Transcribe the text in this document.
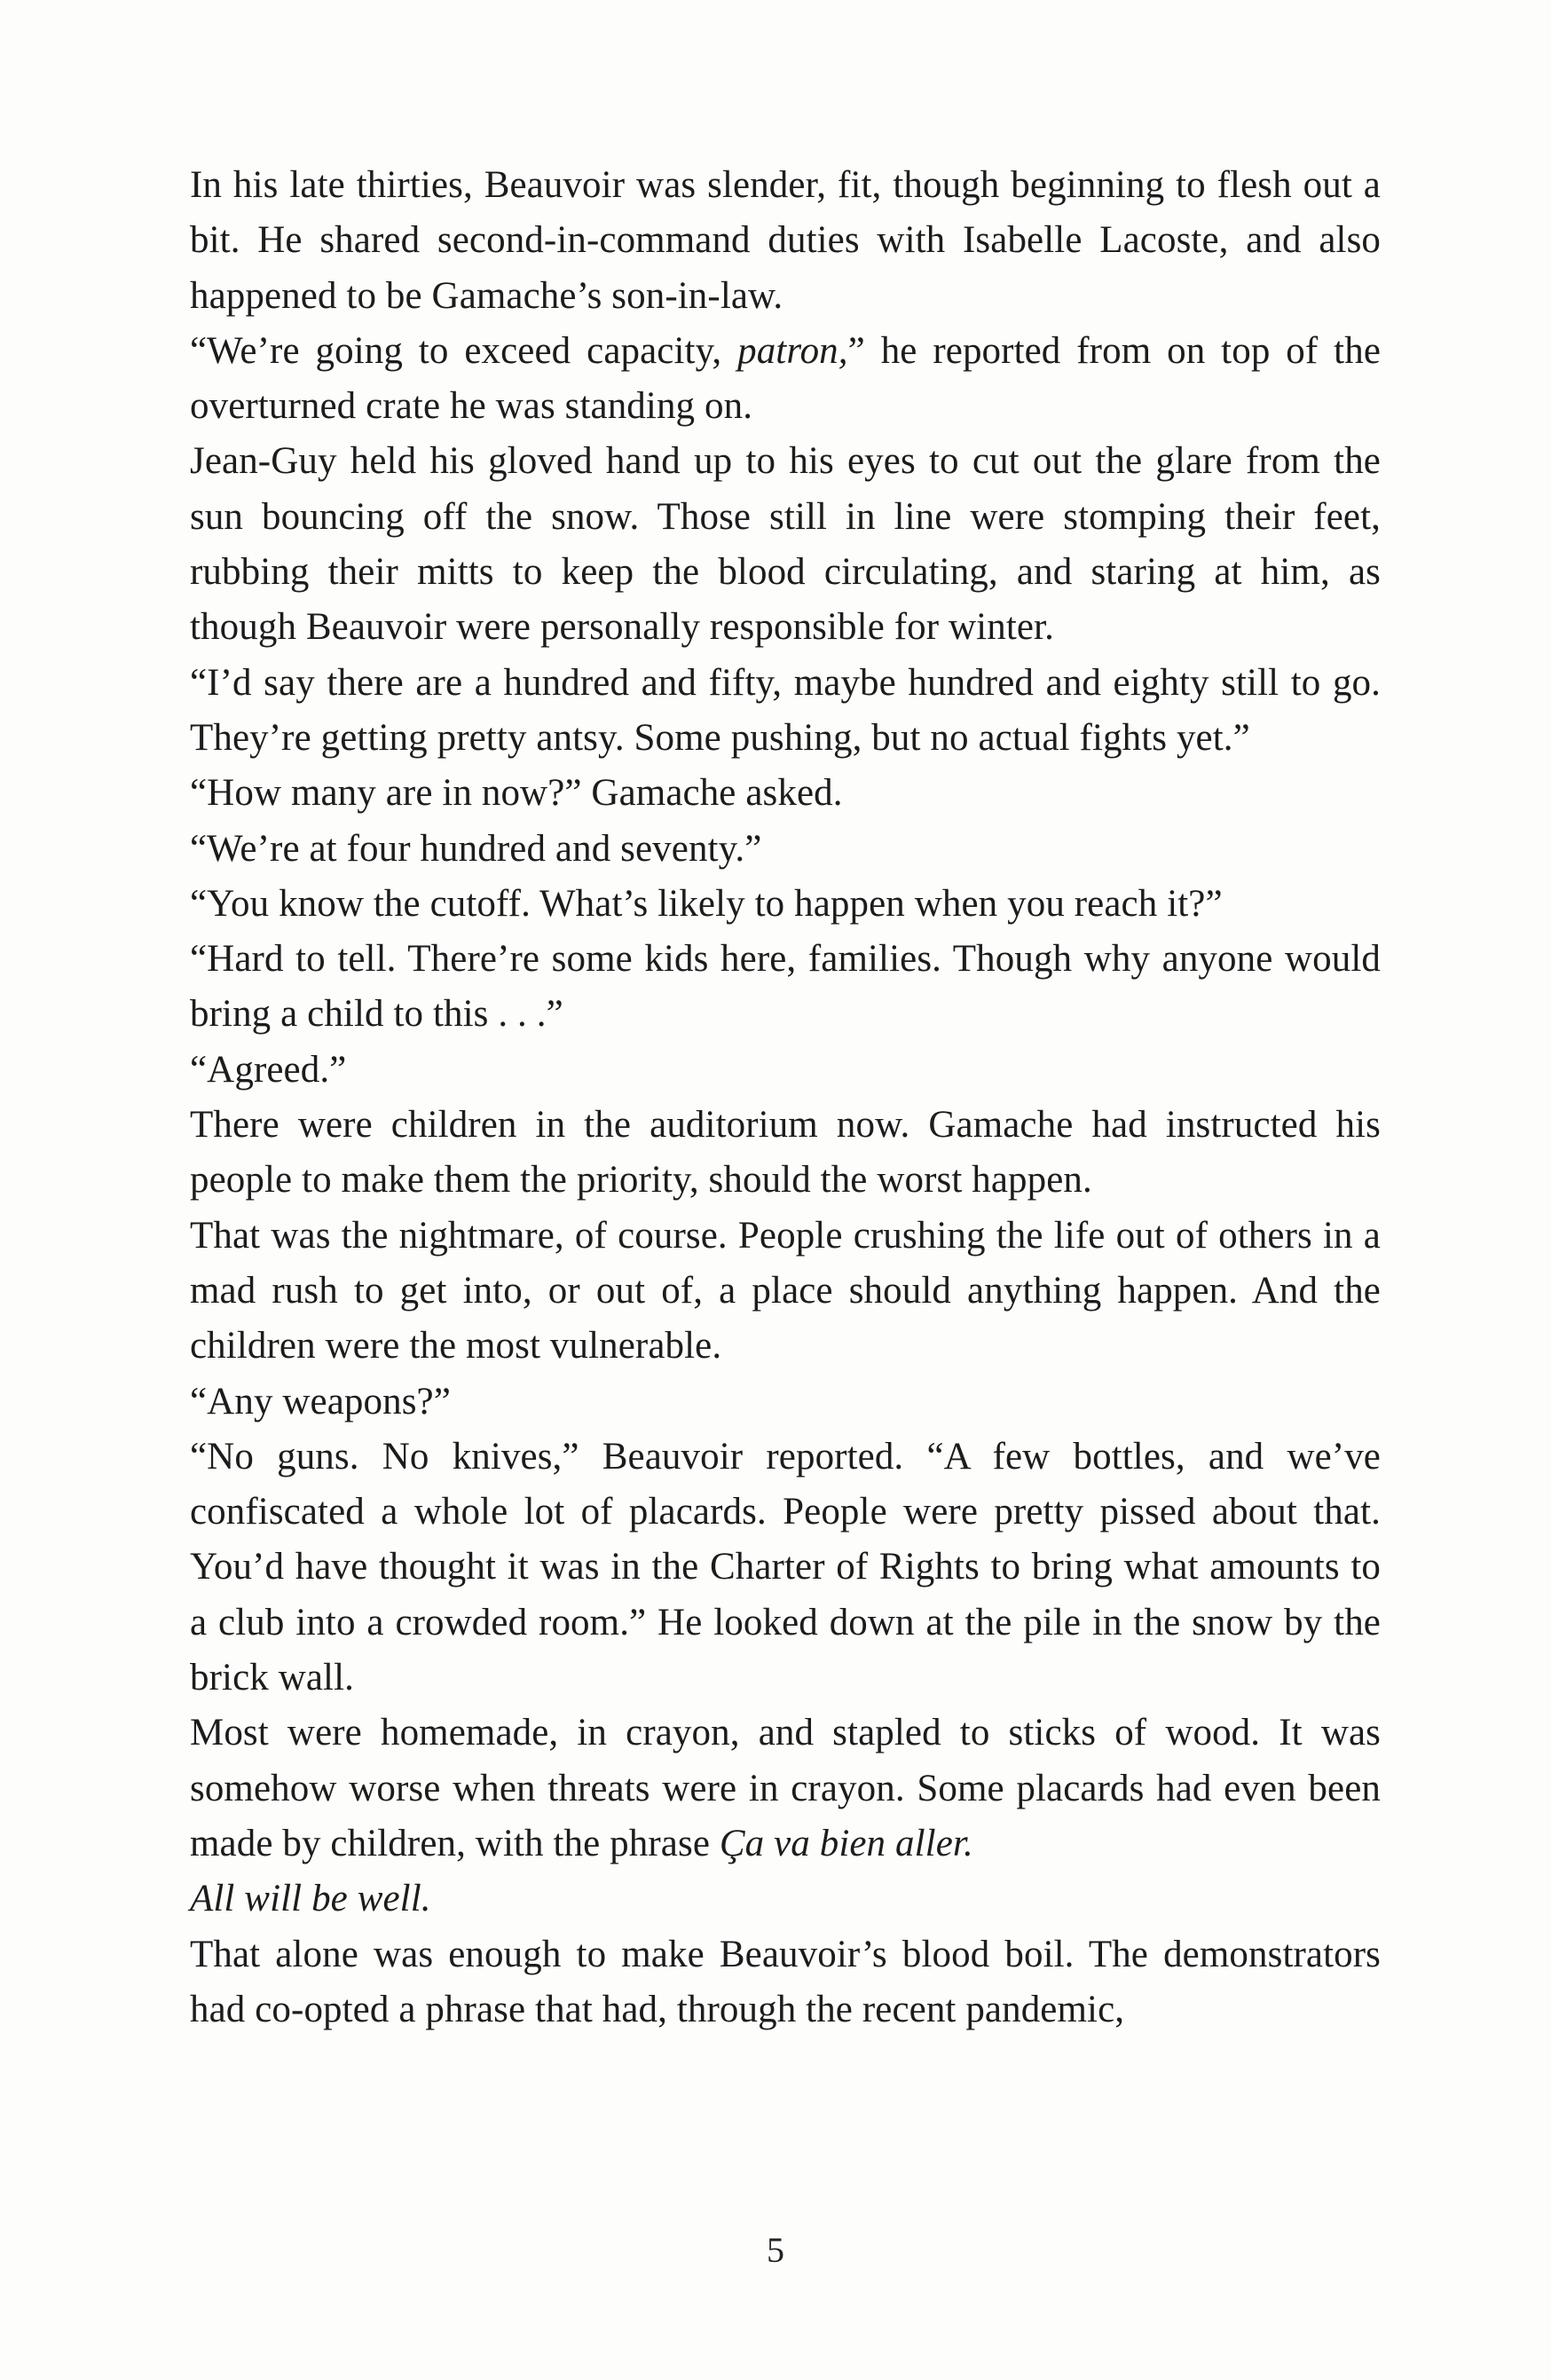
In his late thirties, Beauvoir was slender, fit, though beginning to flesh out a bit. He shared second-in-command duties with Isabelle Lacoste, and also happened to be Gamache’s son-in-law.

“We’re going to exceed capacity, patron,” he reported from on top of the overturned crate he was standing on.

Jean-Guy held his gloved hand up to his eyes to cut out the glare from the sun bouncing off the snow. Those still in line were stomping their feet, rubbing their mitts to keep the blood circulating, and staring at him, as though Beauvoir were personally responsible for winter.

“I’d say there are a hundred and fifty, maybe hundred and eighty still to go. They’re getting pretty antsy. Some pushing, but no actual fights yet.”

“How many are in now?” Gamache asked.

“We’re at four hundred and seventy.”

“You know the cutoff. What’s likely to happen when you reach it?”

“Hard to tell. There’re some kids here, families. Though why anyone would bring a child to this . . .”

“Agreed.”

There were children in the auditorium now. Gamache had instructed his people to make them the priority, should the worst happen.

That was the nightmare, of course. People crushing the life out of others in a mad rush to get into, or out of, a place should anything happen. And the children were the most vulnerable.

“Any weapons?”

“No guns. No knives,” Beauvoir reported. “A few bottles, and we’ve confiscated a whole lot of placards. People were pretty pissed about that. You’d have thought it was in the Charter of Rights to bring what amounts to a club into a crowded room.” He looked down at the pile in the snow by the brick wall.

Most were homemade, in crayon, and stapled to sticks of wood. It was somehow worse when threats were in crayon. Some placards had even been made by children, with the phrase Ça va bien aller.

All will be well.

That alone was enough to make Beauvoir’s blood boil. The demonstrators had co-opted a phrase that had, through the recent pandemic,

5
